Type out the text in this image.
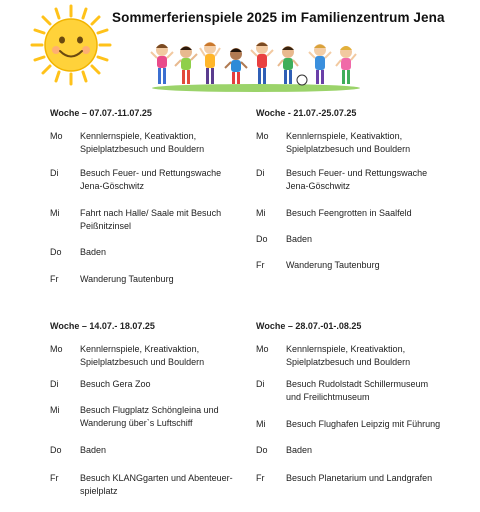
Sommerferienspiele 2025 im Familienzentrum Jena
Woche – 07.07.-11.07.25
Mo	Kennlernspiele, Keativaktion,
Spielplatzbesuch und Bouldern
Di	Besuch Feuer- und Rettungswache
Jena-Göschwitz
Mi	Fahrt nach Halle/ Saale mit Besuch
Peißnitzinsel
Do	Baden
Fr	Wanderung Tautenburg
Woche - 21.07.-25.07.25
Mo	Kennlernspiele, Keativaktion,
Spielplatzbesuch und Bouldern
Di	Besuch Feuer- und Rettungswache
Jena-Göschwitz
Mi	Besuch Feengrotten in Saalfeld
Do	Baden
Fr	Wanderung Tautenburg
Woche – 14.07.- 18.07.25
Mo	Kennlernspiele, Kreativaktion,
Spielplatzbesuch und Bouldern
Di	Besuch Gera Zoo
Mi	Besuch Flugplatz Schöngleina und
Wanderung über`s Luftschiff
Do	Baden
Fr	Besuch KLANGgarten und Abenteuer-
spielplatz
Woche – 28.07.-01-.08.25
Mo	Kennlernspiele, Kreativaktion,
Spielplatzbesuch und Bouldern
Di	Besuch Rudolstadt Schillermuseum
und Freilichtmuseum
Mi	Besuch Flughafen Leipzig mit Führung
Do	Baden
Fr	Besuch Planetarium und Landgrafen
